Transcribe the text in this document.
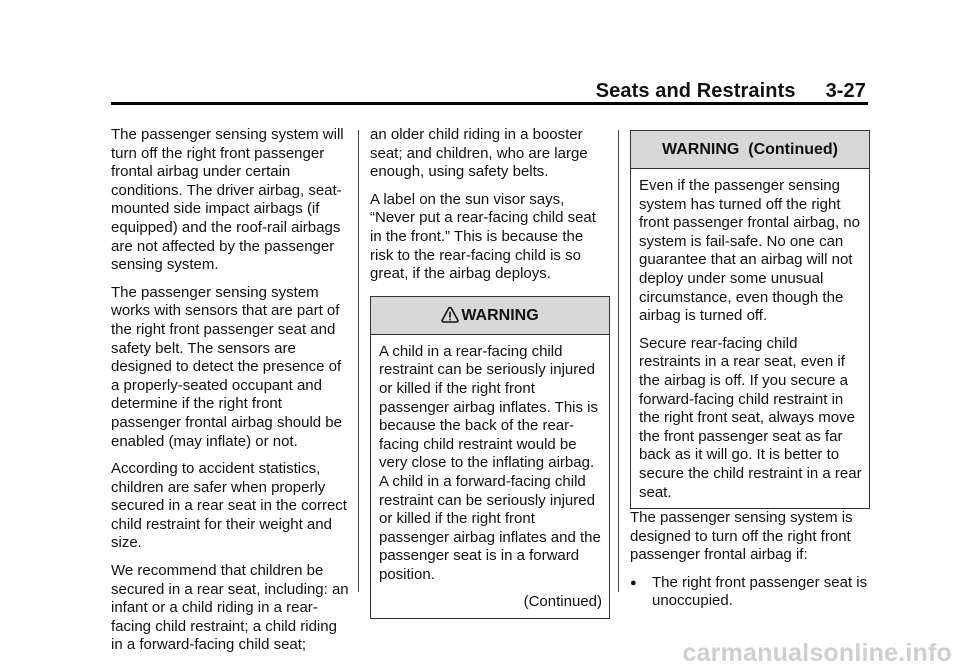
Seats and Restraints 3-27

The passenger sensing system will turn off the right front passenger frontal airbag under certain conditions. The driver airbag, seat-mounted side impact airbags (if equipped) and the roof-rail airbags are not affected by the passenger sensing system.

The passenger sensing system works with sensors that are part of the right front passenger seat and safety belt. The sensors are designed to detect the presence of a properly-seated occupant and determine if the right front passenger frontal airbag should be enabled (may inflate) or not.

According to accident statistics, children are safer when properly secured in a rear seat in the correct child restraint for their weight and size.

We recommend that children be secured in a rear seat, including: an infant or a child riding in a rear-facing child restraint; a child riding in a forward-facing child seat;

an older child riding in a booster seat; and children, who are large enough, using safety belts.

A label on the sun visor says, “Never put a rear-facing child seat in the front.” This is because the risk to the rear-facing child is so great, if the airbag deploys.

WARNING

A child in a rear-facing child restraint can be seriously injured or killed if the right front passenger airbag inflates. This is because the back of the rear-facing child restraint would be very close to the inflating airbag. A child in a forward-facing child restraint can be seriously injured or killed if the right front passenger airbag inflates and the passenger seat is in a forward position.

(Continued)
WARNING  (Continued)

Even if the passenger sensing system has turned off the right front passenger frontal airbag, no system is fail-safe. No one can guarantee that an airbag will not deploy under some unusual circumstance, even though the airbag is turned off.

Secure rear-facing child restraints in a rear seat, even if the airbag is off. If you secure a forward-facing child restraint in the right front seat, always move the front passenger seat as far back as it will go. It is better to secure the child restraint in a rear seat.

The passenger sensing system is designed to turn off the right front passenger frontal airbag if:

●	The right front passenger seat is unoccupied.
carmanualsonline.info
